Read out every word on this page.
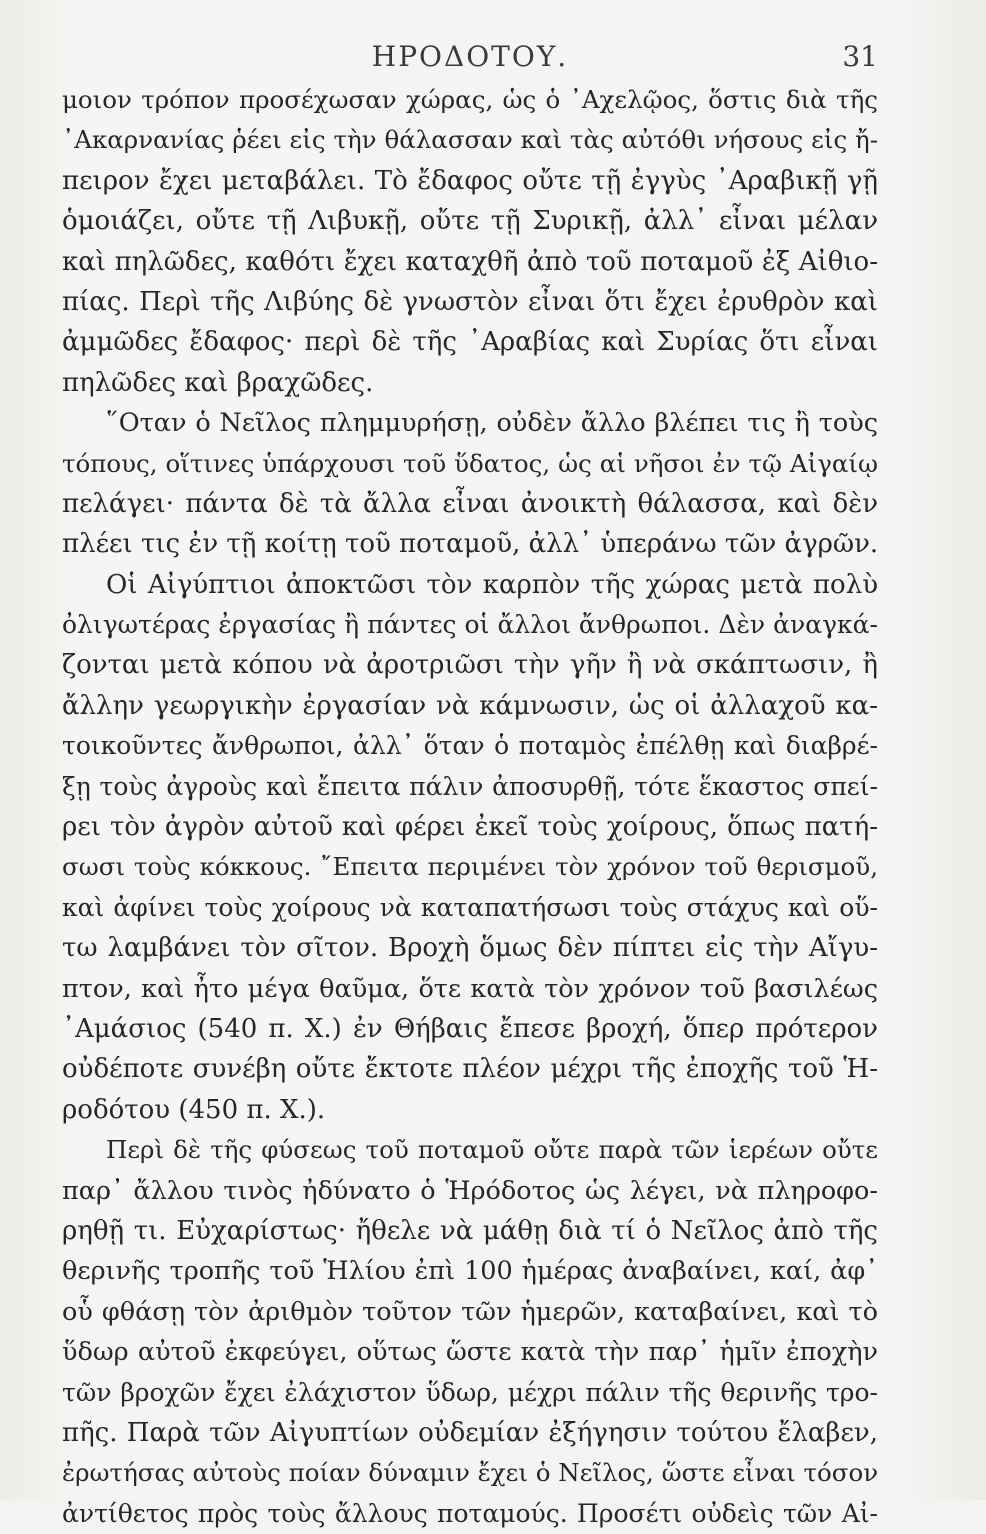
ΗΡΟΔΟΤΟΥ.	31
μοιον τρόπον προσέχωσαν χώρας, ὡς ὁ ᾿Αχελῷος, ὅστις διὰ τῆς
᾿Ακαρνανίας ῥέει εἰς τὴν θάλασσαν καὶ τὰς αὐτόθι νήσους εἰς ἤ-
πειρον ἔχει μεταβάλει. Τὸ ἔδαφος οὔτε τῇ ἐγγὺς ᾿Αραβικῇ γῇ
ὁμοιάζει, οὔτε τῇ Λιβυκῇ, οὔτε τῇ Συρικῇ, ἀλλ᾿ εἶναι μέλαν
καὶ πηλῶδες, καθότι ἔχει καταχθῆ ἀπὸ τοῦ ποταμοῦ ἐξ Αἰθιο-
πίας. Περὶ τῆς Λιβύης δὲ γνωστὸν εἶναι ὅτι ἔχει ἐρυθρὸν καὶ
ἀμμῶδες ἔδαφος· περὶ δὲ τῆς ᾿Αραβίας καὶ Συρίας ὅτι εἶναι
πηλῶδες καὶ βραχῶδες.
῞Οταν ὁ Νεῖλος πλημμυρήσῃ, οὐδὲν ἄλλο βλέπει τις ἢ τοὺς
τόπους, οἵτινες ὑπάρχουσι τοῦ ὕδατος, ὡς αἱ νῆσοι ἐν τῷ Αἰγαίῳ
πελάγει· πάντα δὲ τὰ ἄλλα εἶναι ἀνοικτὴ θάλασσα, καὶ δὲν
πλέει τις ἐν τῇ κοίτῃ τοῦ ποταμοῦ, ἀλλ᾿ ὑπεράνω τῶν ἀγρῶν.
Οἱ Αἰγύπτιοι ἀποκτῶσι τὸν καρπὸν τῆς χώρας μετὰ πολὺ
ὀλιγωτέρας ἐργασίας ἢ πάντες οἱ ἄλλοι ἄνθρωποι. Δὲν ἀναγκά-
ζονται μετὰ κόπου νὰ ἀροτριῶσι τὴν γῆν ἢ νὰ σκάπτωσιν, ἢ
ἄλλην γεωργικὴν ἐργασίαν νὰ κάμνωσιν, ὡς οἱ ἀλλαχοῦ κα-
τοικοῦντες ἄνθρωποι, ἀλλ᾿ ὅταν ὁ ποταμὸς ἐπέλθῃ καὶ διαβρέ-
ξῃ τοὺς ἀγροὺς καὶ ἔπειτα πάλιν ἀποσυρθῇ, τότε ἕκαστος σπεί-
ρει τὸν ἀγρὸν αὐτοῦ καὶ φέρει ἐκεῖ τοὺς χοίρους, ὅπως πατή-
σωσι τοὺς κόκκους. ῎Επειτα περιμένει τὸν χρόνον τοῦ θερισμοῦ,
καὶ ἀφίνει τοὺς χοίρους νὰ καταπατήσωσι τοὺς στάχυς καὶ οὕ-
τω λαμβάνει τὸν σῖτον. Βροχὴ ὅμως δὲν πίπτει εἰς τὴν Αἴγυ-
πτον, καὶ ἦτο μέγα θαῦμα, ὅτε κατὰ τὸν χρόνον τοῦ βασιλέως
᾿Αμάσιος (540 π. Χ.) ἐν Θήβαις ἔπεσε βροχή, ὅπερ πρότερον
οὐδέποτε συνέβη οὔτε ἔκτοτε πλέον μέχρι τῆς ἐποχῆς τοῦ Ἡ-
ροδότου (450 π. Χ.).
Περὶ δὲ τῆς φύσεως τοῦ ποταμοῦ οὔτε παρὰ τῶν ἱερέων οὔτε
παρ᾿ ἄλλου τινὸς ἠδύνατο ὁ Ἡρόδοτος ὡς λέγει, νὰ πληροφο-
ρηθῇ τι. Εὐχαρίστως· ἤθελε νὰ μάθῃ διὰ τί ὁ Νεῖλος ἀπὸ τῆς
θερινῆς τροπῆς τοῦ Ἡλίου ἐπὶ 100 ἡμέρας ἀναβαίνει, καί, ἀφ᾿
οὗ φθάσῃ τὸν ἀριθμὸν τοῦτον τῶν ἡμερῶν, καταβαίνει, καὶ τὸ
ὕδωρ αὐτοῦ ἐκφεύγει, οὕτως ὥστε κατὰ τὴν παρ᾿ ἡμῖν ἐποχὴν
τῶν βροχῶν ἔχει ἐλάχιστον ὕδωρ, μέχρι πάλιν τῆς θερινῆς τρο-
πῆς. Παρὰ τῶν Αἰγυπτίων οὐδεμίαν ἐξήγησιν τούτου ἔλαβεν,
ἐρωτήσας αὐτοὺς ποίαν δύναμιν ἔχει ὁ Νεῖλος, ὥστε εἶναι τόσον
ἀντίθετος πρὸς τοὺς ἄλλους ποταμούς. Προσέτι οὐδεὶς τῶν Αἰ-
